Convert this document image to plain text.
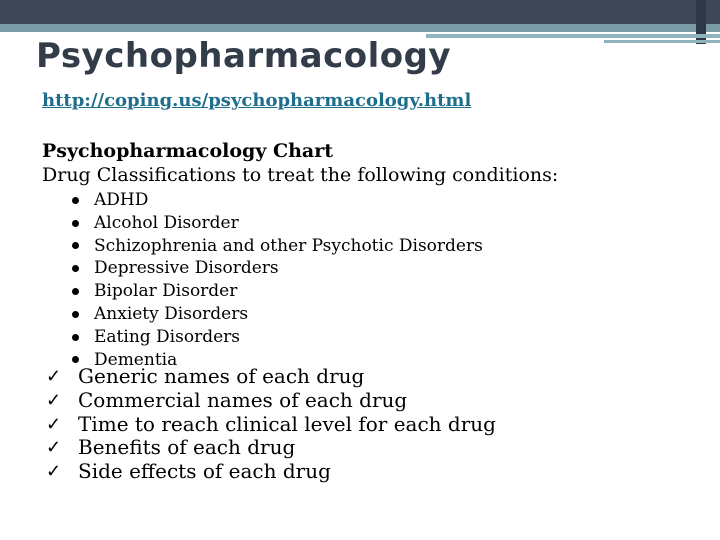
Psychopharmacology
http://coping.us/psychopharmacology.html
Psychopharmacology Chart
Drug Classifications to treat the following conditions:
ADHD
Alcohol Disorder
Schizophrenia and other Psychotic Disorders
Depressive Disorders
Bipolar Disorder
Anxiety Disorders
Eating Disorders
Dementia
✓ Generic names of each drug
✓ Commercial names of each drug
✓ Time to reach clinical level for each drug
✓ Benefits of each drug
✓ Side effects of each drug
